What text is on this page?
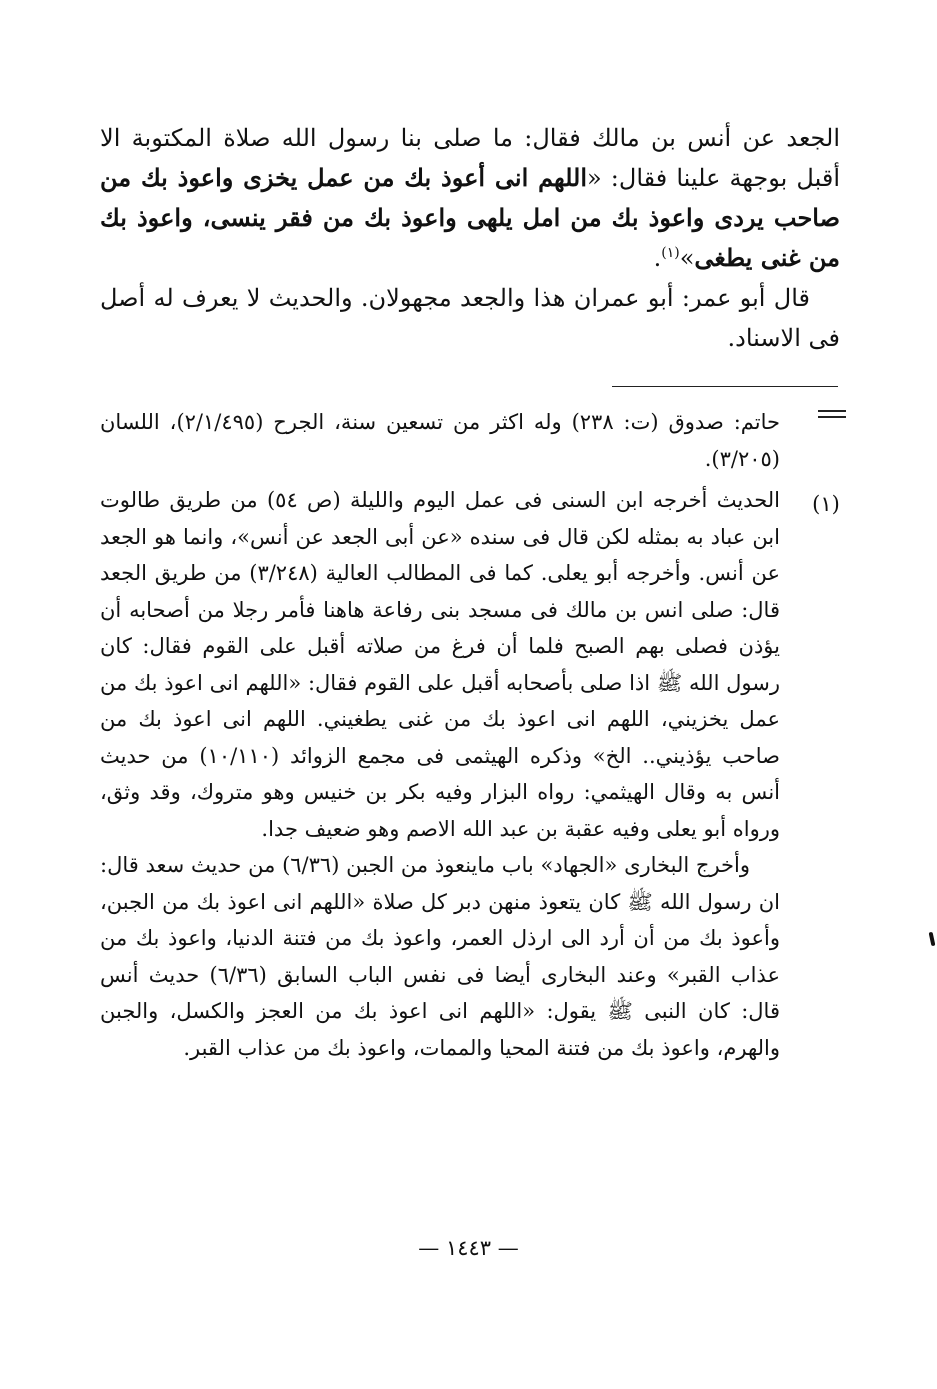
الجعد عن أنس بن مالك فقال: ما صلى بنا رسول الله صلاة المكتوبة الا أقبل بوجهة علينا فقال: «اللهم انى أعوذ بك من عمل يخزى واعوذ بك من صاحب يردى واعوذ بك من امل يلهى واعوذ بك من فقر ينسى، واعوذ بك من غنى يطغى»$^{(١)}$.

قال أبو عمر: أبو عمران هذا والجعد مجهولان. والحديث لا يعرف له أصل فى الاسناد.

حاتم: صدوق (ت: ٢٣٨) وله اكثر من تسعين سنة، الجرح (٢/١/٤٩٥)، اللسان (٣/٢٠٥).

(١)

الحديث أخرجه ابن السنى فى عمل اليوم والليلة (ص ٥٤) من طريق طالوت ابن عباد به بمثله لكن قال فى سنده «عن أبى الجعد عن أنس»، وانما هو الجعد عن أنس. وأخرجه أبو يعلى. كما فى المطالب العالية (٣/٢٤٨) من طريق الجعد قال: صلى انس بن مالك فى مسجد بنى رفاعة هاهنا فأمر رجلا من أصحابه أن يؤذن فصلى بهم الصبح فلما أن فرغ من صلاته أقبل على القوم فقال: كان رسول الله ﷺ اذا صلى بأصحابه أقبل على القوم فقال: «اللهم انى اعوذ بك من عمل يخزيني، اللهم انى اعوذ بك من غنى يطغيني. اللهم انى اعوذ بك من صاحب يؤذيني.. الخ» وذكره الهيثمى فى مجمع الزوائد (١٠/١١٠) من حديث أنس به وقال الهيثمي: رواه البزار وفيه بكر بن خنيس وهو متروك، وقد وثق، ورواه أبو يعلى وفيه عقبة بن عبد الله الاصم وهو ضعيف جدا.

وأخرج البخارى «الجهاد» باب ماينعوذ من الجبن (٦/٣٦) من حديث سعد قال: ان رسول الله ﷺ كان يتعوذ منهن دبر كل صلاة «اللهم انى اعوذ بك من الجبن، وأعوذ بك من أن أرد الى ارذل العمر، واعوذ بك من فتنة الدنيا، واعوذ بك من عذاب القبر» وعند البخارى أيضا فى نفس الباب السابق (٦/٣٦) حديث أنس قال: كان النبى ﷺ يقول: «اللهم انى اعوذ بك من العجز والكسل، والجبن والهرم، واعوذ بك من فتنة المحيا والممات، واعوذ بك من عذاب القبر.

— ١٤٤٣ —
